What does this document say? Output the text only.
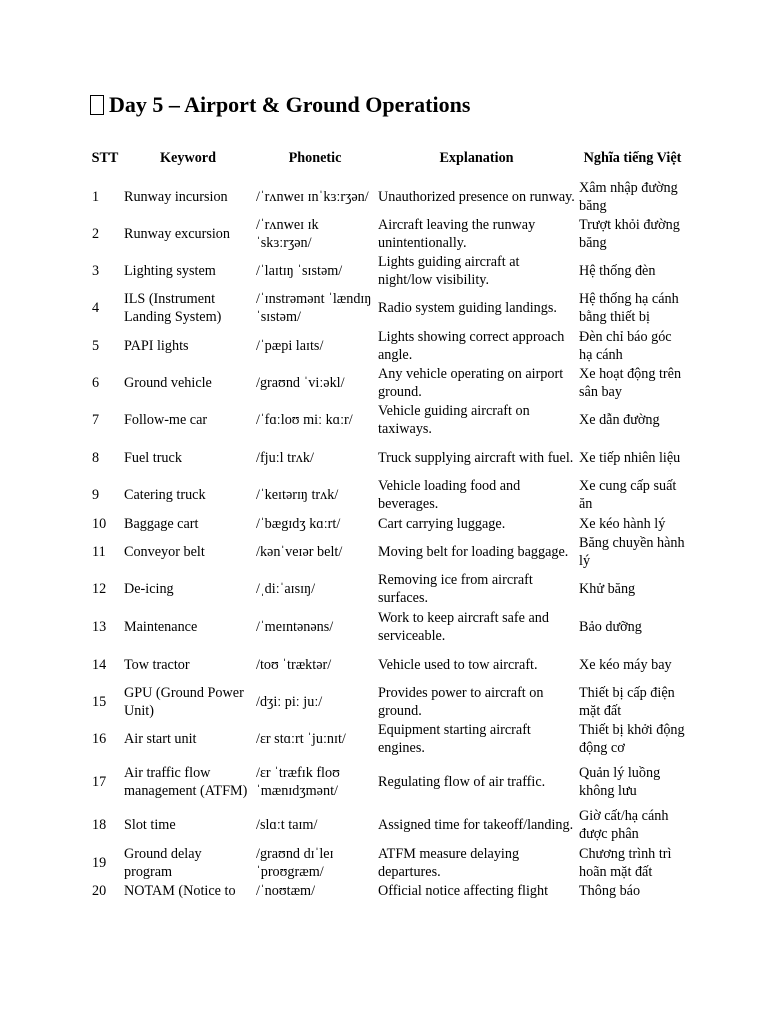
Day 5 – Airport & Ground Operations
STT	Keyword	Phonetic	Explanation	Nghĩa tiếng Việt
1	Runway incursion	/ˈrʌnweɪ ɪnˈkɜːrʒən/	Unauthorized presence on runway.	Xâm nhập đường băng
2	Runway excursion	/ˈrʌnweɪ ɪk ˈskɜːrʒən/	Aircraft leaving the runway unintentionally.	Trượt khỏi đường băng
3	Lighting system	/ˈlaɪtɪŋ ˈsɪstəm/	Lights guiding aircraft at night/low visibility.	Hệ thống đèn
4	ILS (Instrument Landing System)	/ˈɪnstrəmənt ˈlændɪŋ ˈsɪstəm/	Radio system guiding landings.	Hệ thống hạ cánh bằng thiết bị
5	PAPI lights	/ˈpæpi laɪts/	Lights showing correct approach angle.	Đèn chỉ báo góc hạ cánh
6	Ground vehicle	/graʊnd ˈviːəkl/	Any vehicle operating on airport ground.	Xe hoạt động trên sân bay
7	Follow-me car	/ˈfɑːloʊ miː kɑːr/	Vehicle guiding aircraft on taxiways.	Xe dẫn đường
8	Fuel truck	/fjuːl trʌk/	Truck supplying aircraft with fuel.	Xe tiếp nhiên liệu
9	Catering truck	/ˈkeɪtərɪŋ trʌk/	Vehicle loading food and beverages.	Xe cung cấp suất ăn
10	Baggage cart	/ˈbægɪdʒ kɑːrt/	Cart carrying luggage.	Xe kéo hành lý
11	Conveyor belt	/kənˈveɪər belt/	Moving belt for loading baggage.	Băng chuyền hành lý
12	De-icing	/ˌdiːˈaɪsɪŋ/	Removing ice from aircraft surfaces.	Khử băng
13	Maintenance	/ˈmeɪntənəns/	Work to keep aircraft safe and serviceable.	Bảo dưỡng
14	Tow tractor	/toʊ ˈtræktər/	Vehicle used to tow aircraft.	Xe kéo máy bay
15	GPU (Ground Power Unit)	/dʒiː piː juː/	Provides power to aircraft on ground.	Thiết bị cấp điện mặt đất
16	Air start unit	/ɛr stɑːrt ˈjuːnɪt/	Equipment starting aircraft engines.	Thiết bị khởi động động cơ
17	Air traffic flow management (ATFM)	/ɛr ˈtræfɪk floʊ ˈmænɪdʒmənt/	Regulating flow of air traffic.	Quản lý luồng không lưu
18	Slot time	/slɑːt taɪm/	Assigned time for takeoff/landing.	Giờ cất/hạ cánh được phân
19	Ground delay program	/graʊnd dɪˈleɪ ˈproʊgræm/	ATFM measure delaying departures.	Chương trình trì hoãn mặt đất
20	NOTAM (Notice to	/ˈnoʊtæm/	Official notice affecting flight	Thông báo
